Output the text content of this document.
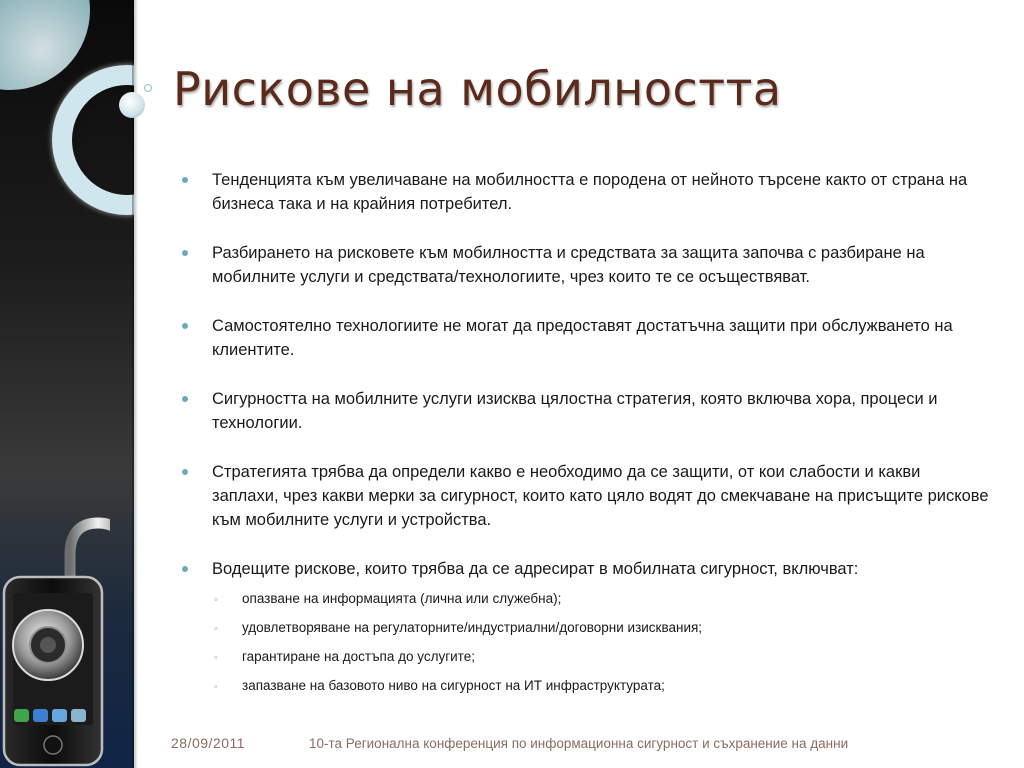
Рискове на мобилността

Тенденцията към увеличаване на мобилността е породена от нейното търсене както от страна на бизнеса така и на крайния потребител.

Разбирането на рисковете към мобилността и средствата за защита започва с разбиране на мобилните услуги и средствата/технологиите, чрез които те се осъществяват.

Самостоятелно технологиите не могат да предоставят достатъчна защити при обслужването на клиентите.

Сигурността на мобилните услуги изисква цялостна стратегия, която включва хора, процеси и технологии.

Стратегията трябва да определи какво е необходимо да се защити, от кои слабости и какви заплахи, чрез какви мерки за сигурност, които като цяло водят до смекчаване на присъщите рискове към мобилните услуги и устройства.

Водещите рискове, които трябва да се адресират в мобилната сигурност, включват:

◦ опазване на информацията (лична или служебна);

◦ удовлетворяване на регулаторните/индустриални/договорни изисквания;

◦ гарантиране на достъпа до услугите;

◦ запазване на базовото ниво на сигурност на ИТ инфраструктурата;

28/09/2011	10-та Регионална конференция по информационна сигурност и съхранение на данни
